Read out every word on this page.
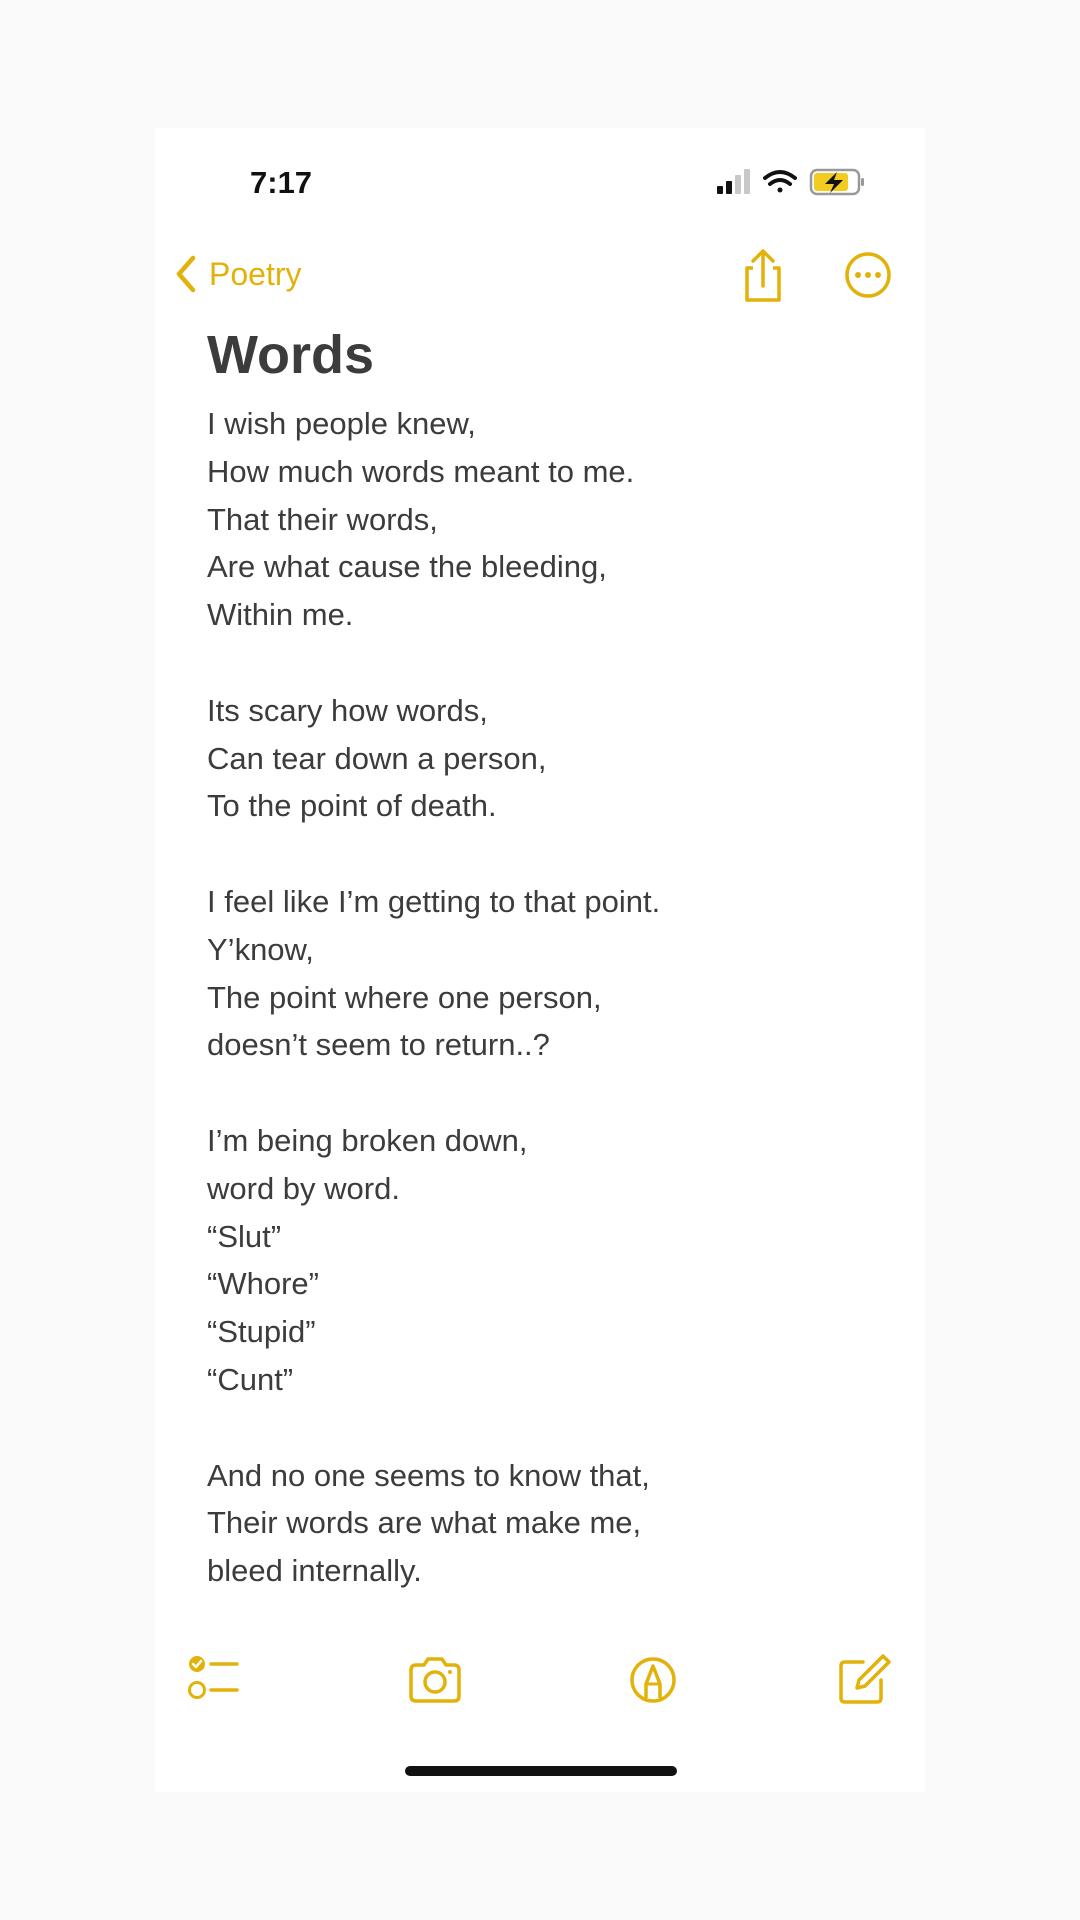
7:17
Poetry
Words
I wish people knew,
How much words meant to me.
That their words,
Are what cause the bleeding,
Within me.

Its scary how words,
Can tear down a person,
To the point of death.

I feel like I’m getting to that point.
Y’know,
The point where one person,
doesn’t seem to return..?

I’m being broken down,
word by word.
“Slut”
“Whore”
“Stupid”
“Cunt”

And no one seems to know that,
Their words are what make me,
bleed internally.
